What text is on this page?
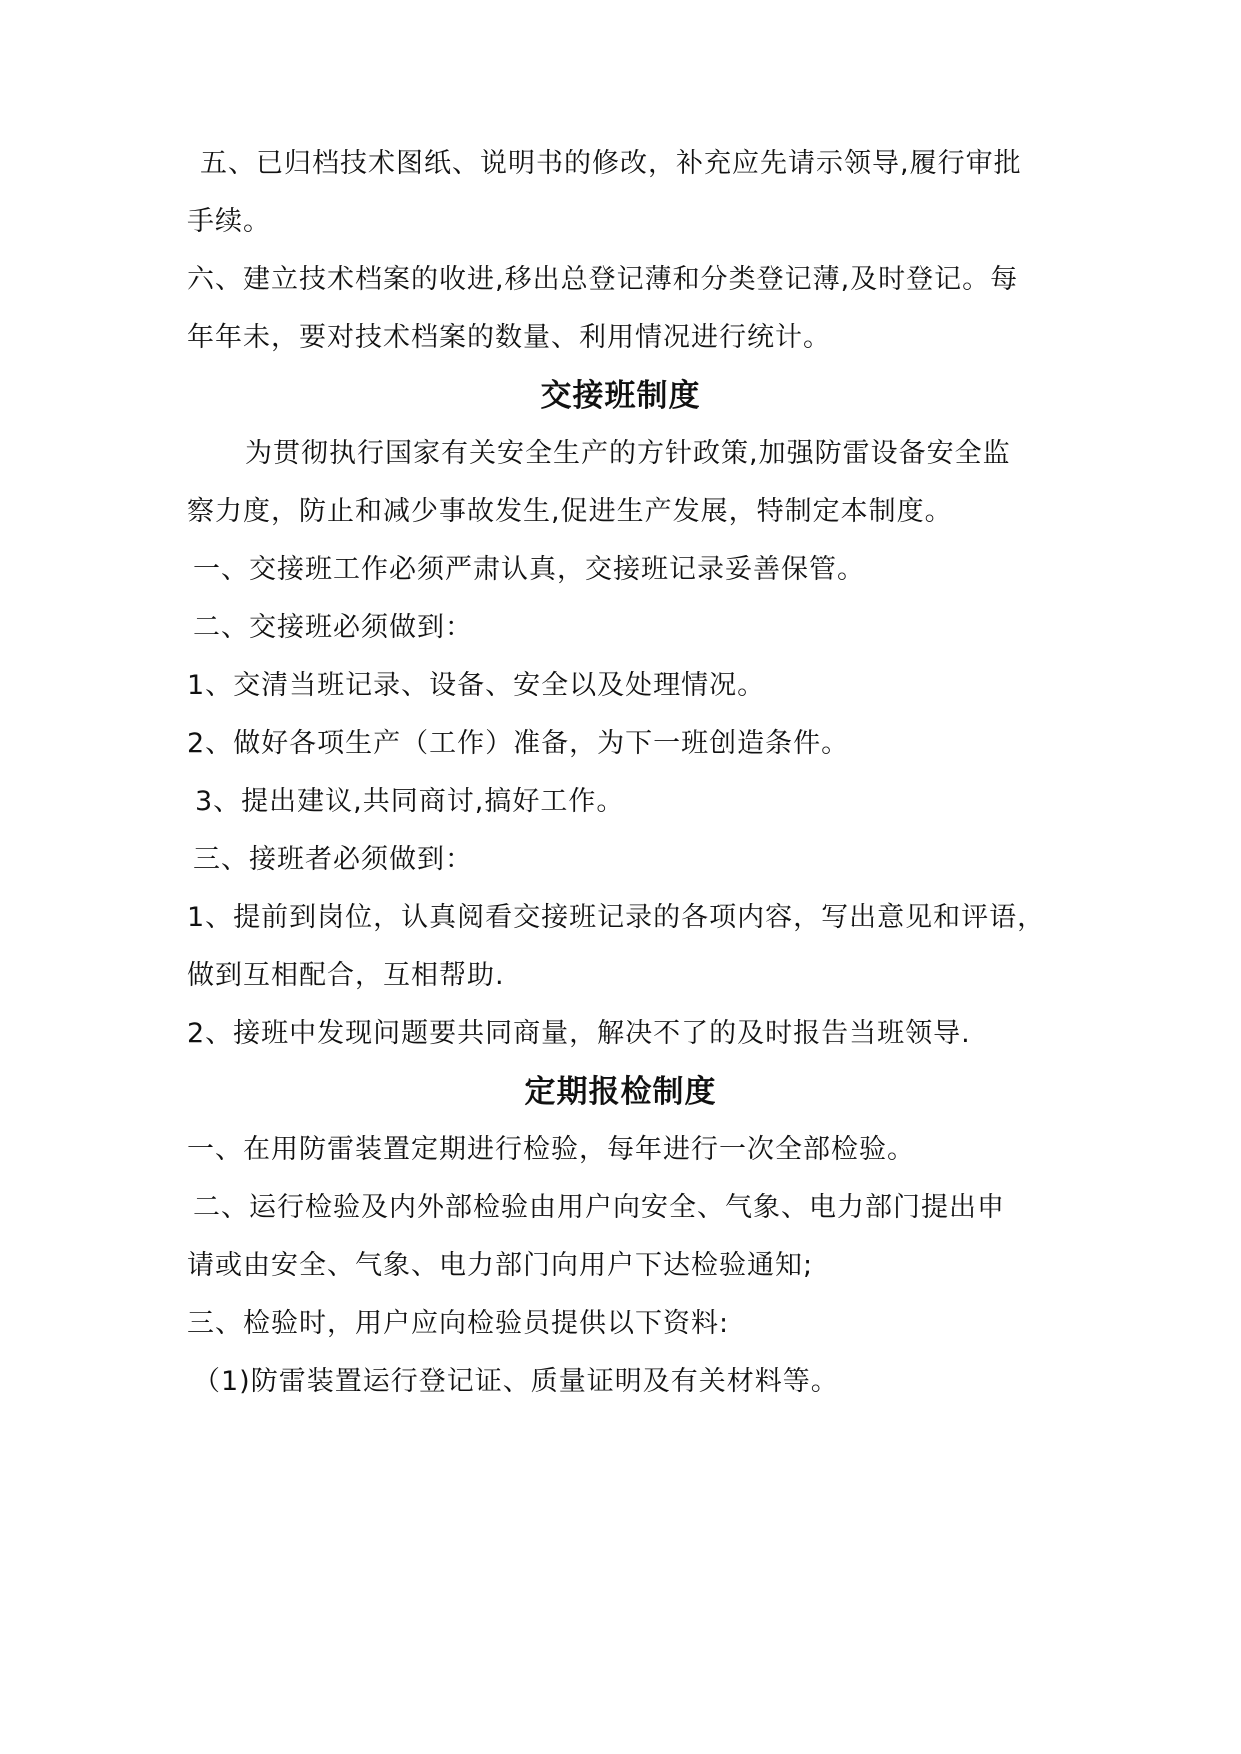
五、已归档技术图纸、说明书的修改，补充应先请示领导,履行审批
手续。
六、建立技术档案的收进,移出总登记薄和分类登记薄,及时登记。每
年年未，要对技术档案的数量、利用情况进行统计。
交接班制度
为贯彻执行国家有关安全生产的方针政策,加强防雷设备安全监
察力度，防止和减少事故发生,促进生产发展，特制定本制度。
一、交接班工作必须严肃认真，交接班记录妥善保管。
二、交接班必须做到：
1、交清当班记录、设备、安全以及处理情况。
2、做好各项生产（工作）准备，为下一班创造条件。
3、提出建议,共同商讨,搞好工作。
三、接班者必须做到：
1、提前到岗位，认真阅看交接班记录的各项内容，写出意见和评语，
做到互相配合，互相帮助.
2、接班中发现问题要共同商量，解决不了的及时报告当班领导.
定期报检制度
一、在用防雷装置定期进行检验，每年进行一次全部检验。
二、运行检验及内外部检验由用户向安全、气象、电力部门提出申
请或由安全、气象、电力部门向用户下达检验通知;
三、检验时，用户应向检验员提供以下资料:
（1)防雷装置运行登记证、质量证明及有关材料等。
